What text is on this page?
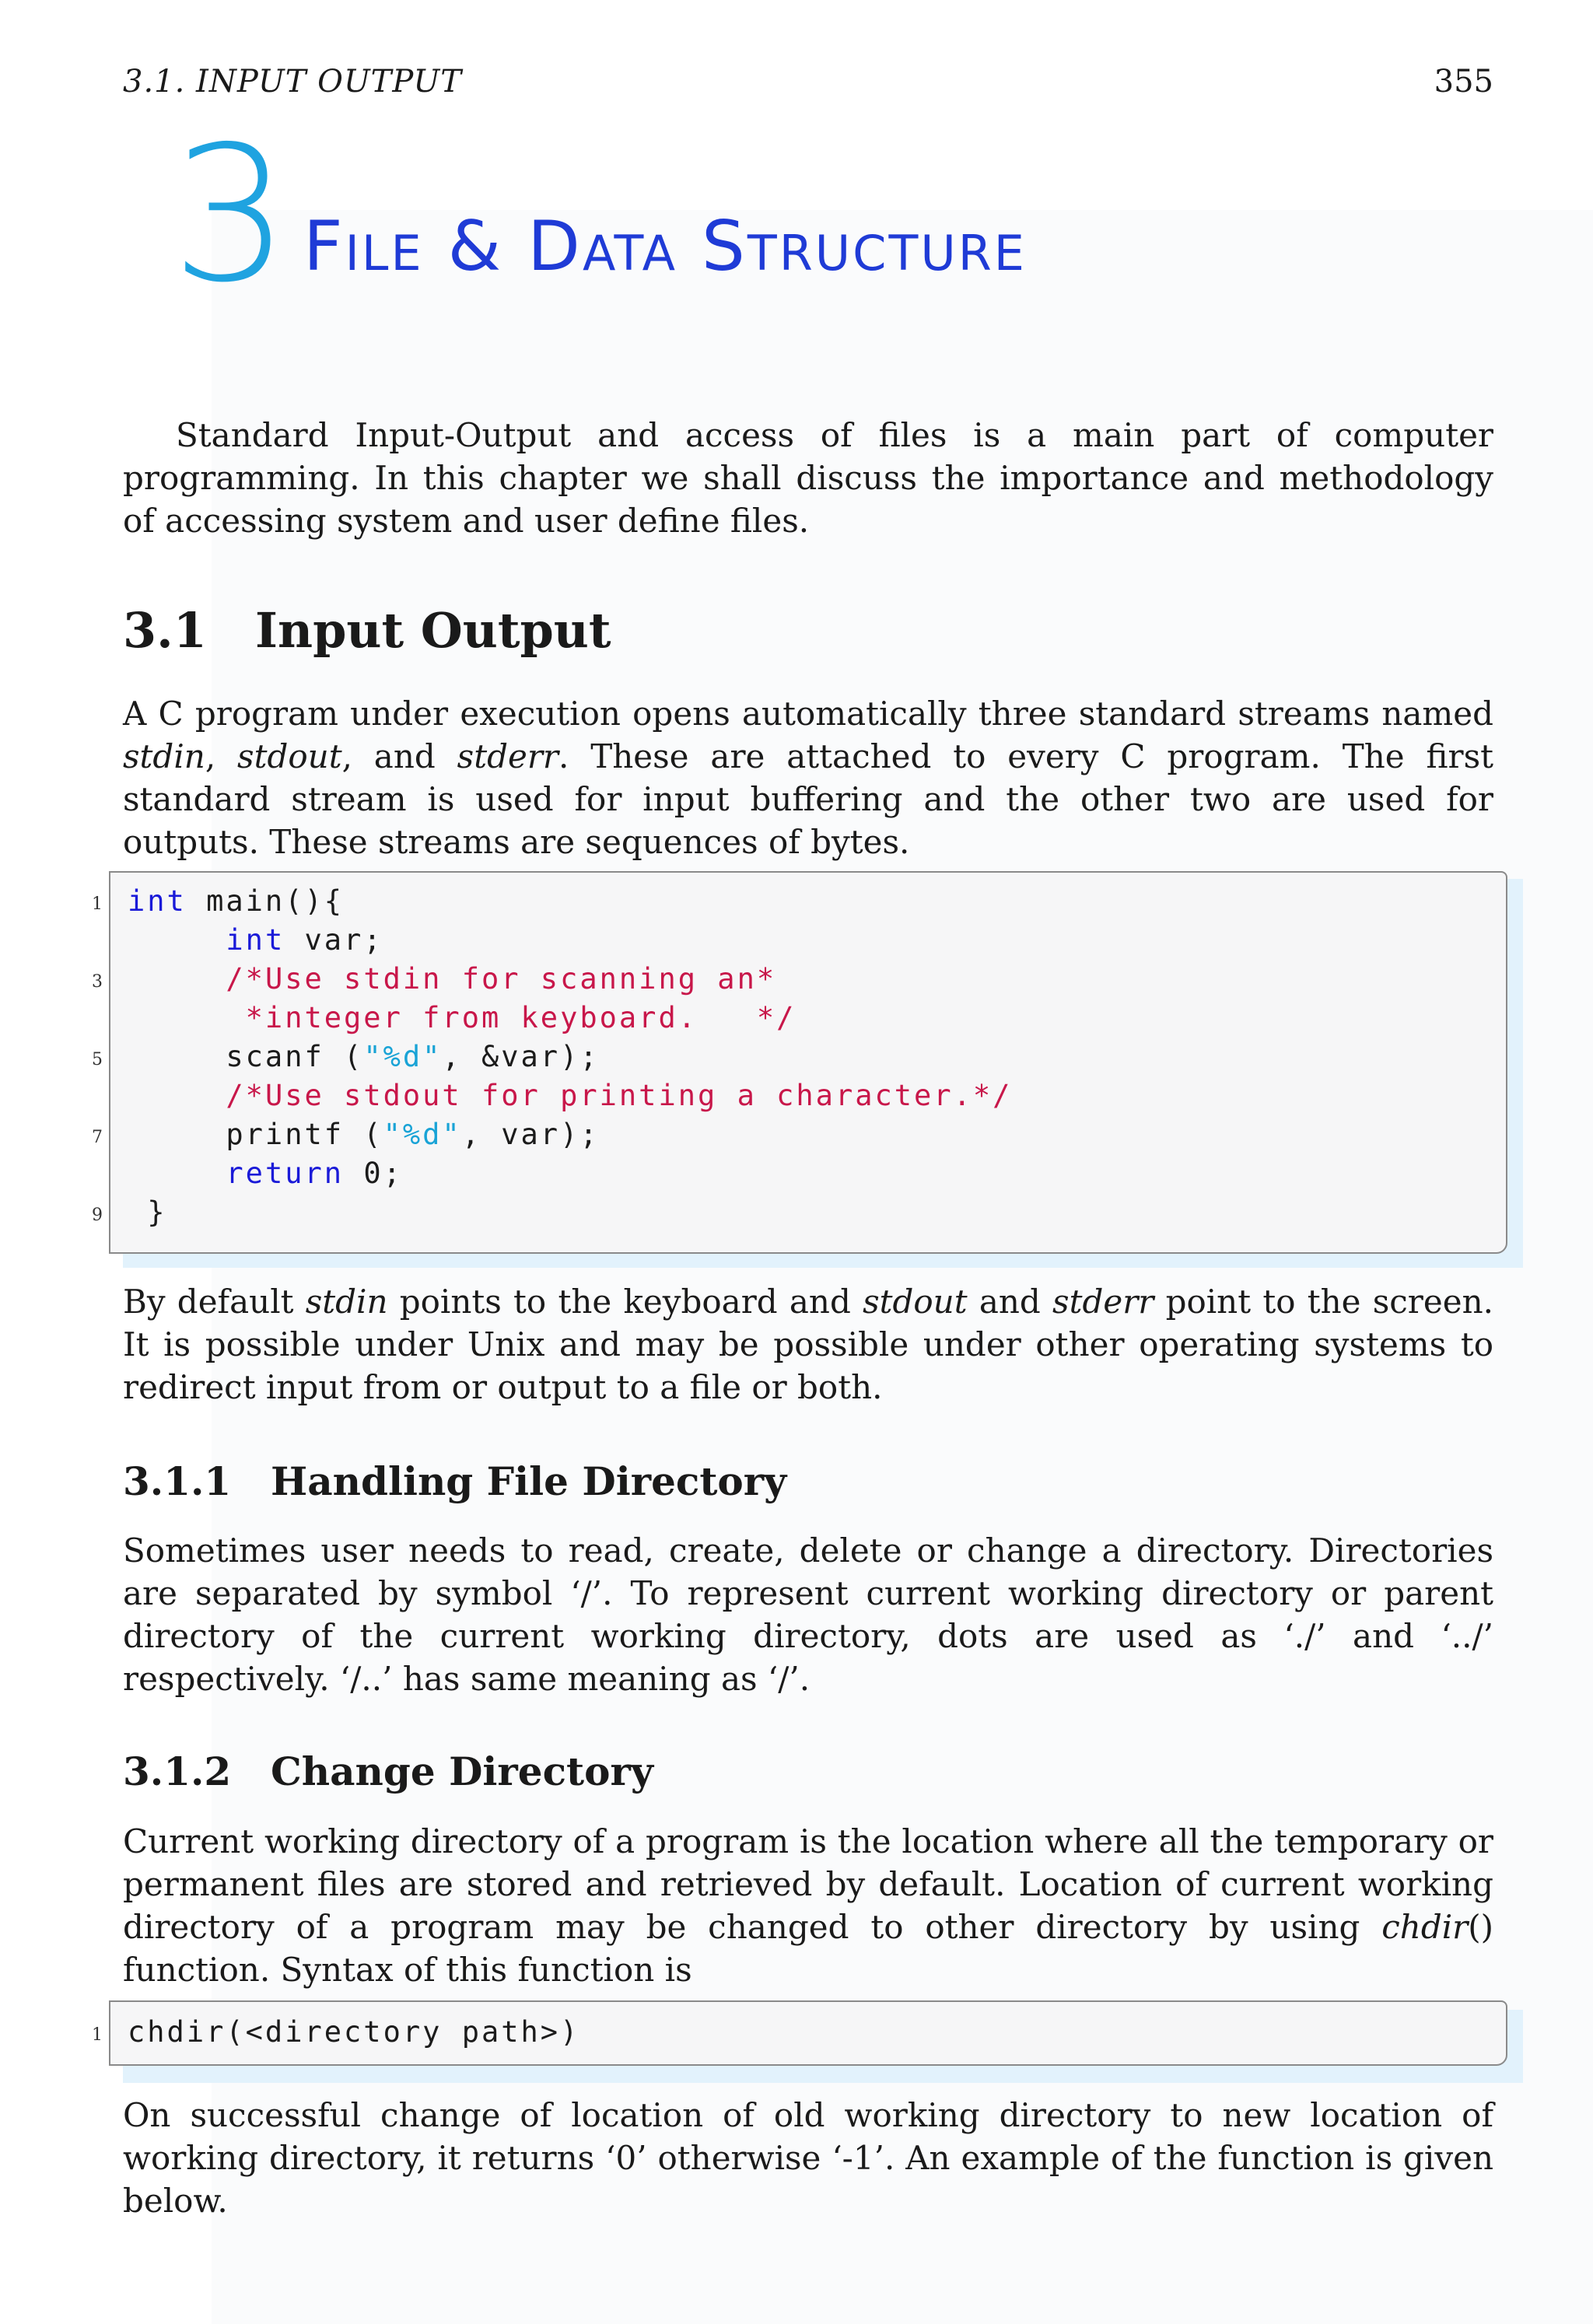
3.1. INPUT OUTPUT	355
3 File & Data Structure

Standard Input-Output and access of files is a main part of computer programming. In this chapter we shall discuss the importance and methodology of accessing system and user define files.

3.1 Input Output

A C program under execution opens automatically three standard streams named stdin, stdout, and stderr. These are attached to every C program. The first standard stream is used for input buffering and the other two are used for outputs. These streams are sequences of bytes.

int main(){
int var;
/*Use stdin for scanning an*
*integer from keyboard.   */
scanf ("%d", &var);
/*Use stdout for printing a character.*/
printf ("%d", var);
return 0;
}
1
3
5
7
9

By default stdin points to the keyboard and stdout and stderr point to the screen. It is possible under Unix and may be possible under other operating systems to redirect input from or output to a file or both.

3.1.1 Handling File Directory

Sometimes user needs to read, create, delete or change a directory. Directories are separated by symbol ‘/’. To represent current working directory or parent directory of the current working directory, dots are used as ‘./’ and ‘../’ respectively. ‘/..’ has same meaning as ‘/’.

3.1.2 Change Directory

Current working directory of a program is the location where all the temporary or permanent files are stored and retrieved by default. Location of current working directory of a program may be changed to other directory by using chdir() function. Syntax of this function is

chdir(<directory path>)
1

On successful change of location of old working directory to new location of working directory, it returns ‘0’ otherwise ‘-1’. An example of the function is given below.
